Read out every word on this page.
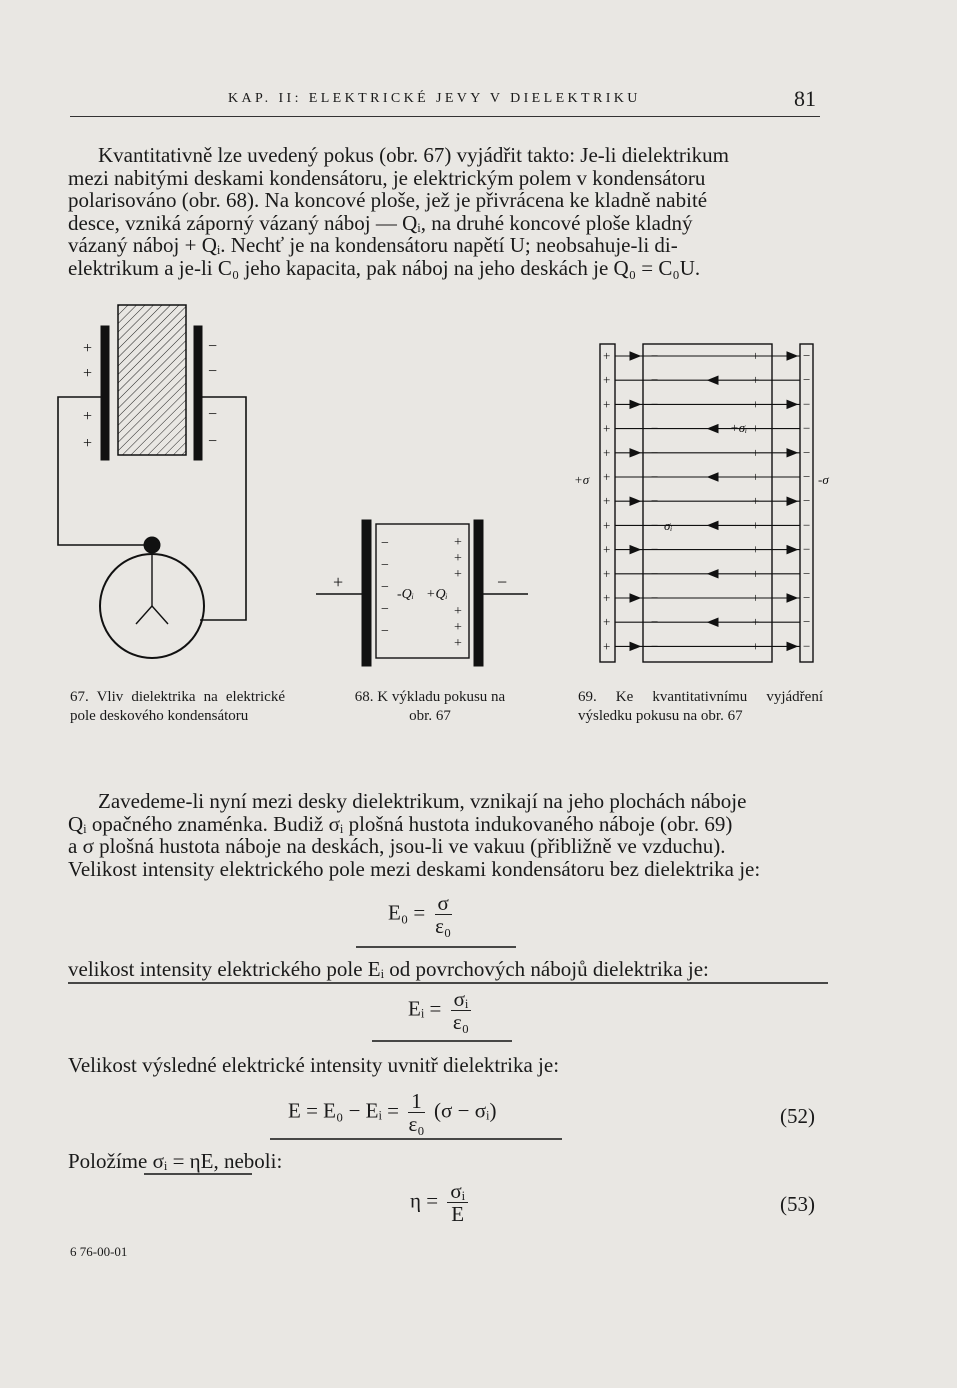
KAP. II: ELEKTRICKÉ JEVY V DIELEKTRIKU	81

Kvantitativně lze uvedený pokus (obr. 67) vyjádřit takto: Je-li dielektrikum

mezi nabitými deskami kondensátoru, je elektrickým polem v kondensátoru

polarisováno (obr. 68). Na koncové ploše, jež je přivrácena ke kladně nabité

desce, vzniká záporný vázaný náboj — Qᵢ, na druhé koncové ploše kladný

vázaný náboj + Qᵢ. Nechť je na kondensátoru napětí U; neobsahuje-li di-

elektrikum a je-li C₀ jeho kapacita, pak náboj na jeho deskách je Q₀ = C₀U.

+
+
+
+
−
−
−
−
+	−
−
−
−
−
−
+
+
+
+
+
+
-Qᵢ +Qᵢ
+	−	+	−
+	−	+	−
+	−	+	−
+	−	+	−
+	−	+	−
+	−	+	−
+	−	+	−
+	−	+	−
+	−	+	−
+	−	+	−
+	−	+	−
+	−	+	−
+	−	+	−
+σᵢ
σᵢ
+σ	-σ
67. Vliv dielektrika na elektrické pole deskového kondensátoru
68. K výkladu pokusu na obr. 67
69. Ke kvantitativnímu vyjádření výsledku pokusu na obr. 67

Zavedeme-li nyní mezi desky dielektrikum, vznikají na jeho plochách náboje

Qᵢ opačného znaménka. Budiž σᵢ plošná hustota indukovaného náboje (obr. 69)

a σ plošná hustota náboje na deskách, jsou-li ve vakuu (přibližně ve vzduchu).

Velikost intensity elektrického pole mezi deskami kondensátoru bez dielektrika je:

$E_0 = \frac{\sigma}{\text{ε₀}}$

velikost intensity elektrického pole Eᵢ od povrchových nábojů dielektrika je:

Eᵢ = $\frac{\text{σᵢ}}{\text{ε₀}}$

Velikost výsledné elektrické intensity uvnitř dielektrika je:

E = E₀ − Eᵢ = $\frac{1}{\text{ε₀}} (\sigma$ − σᵢ)	(52)

Položíme σᵢ = ηE, neboli:

$\eta = \frac{\text{σᵢ}}{E}$	(53)
6 76-00-01
